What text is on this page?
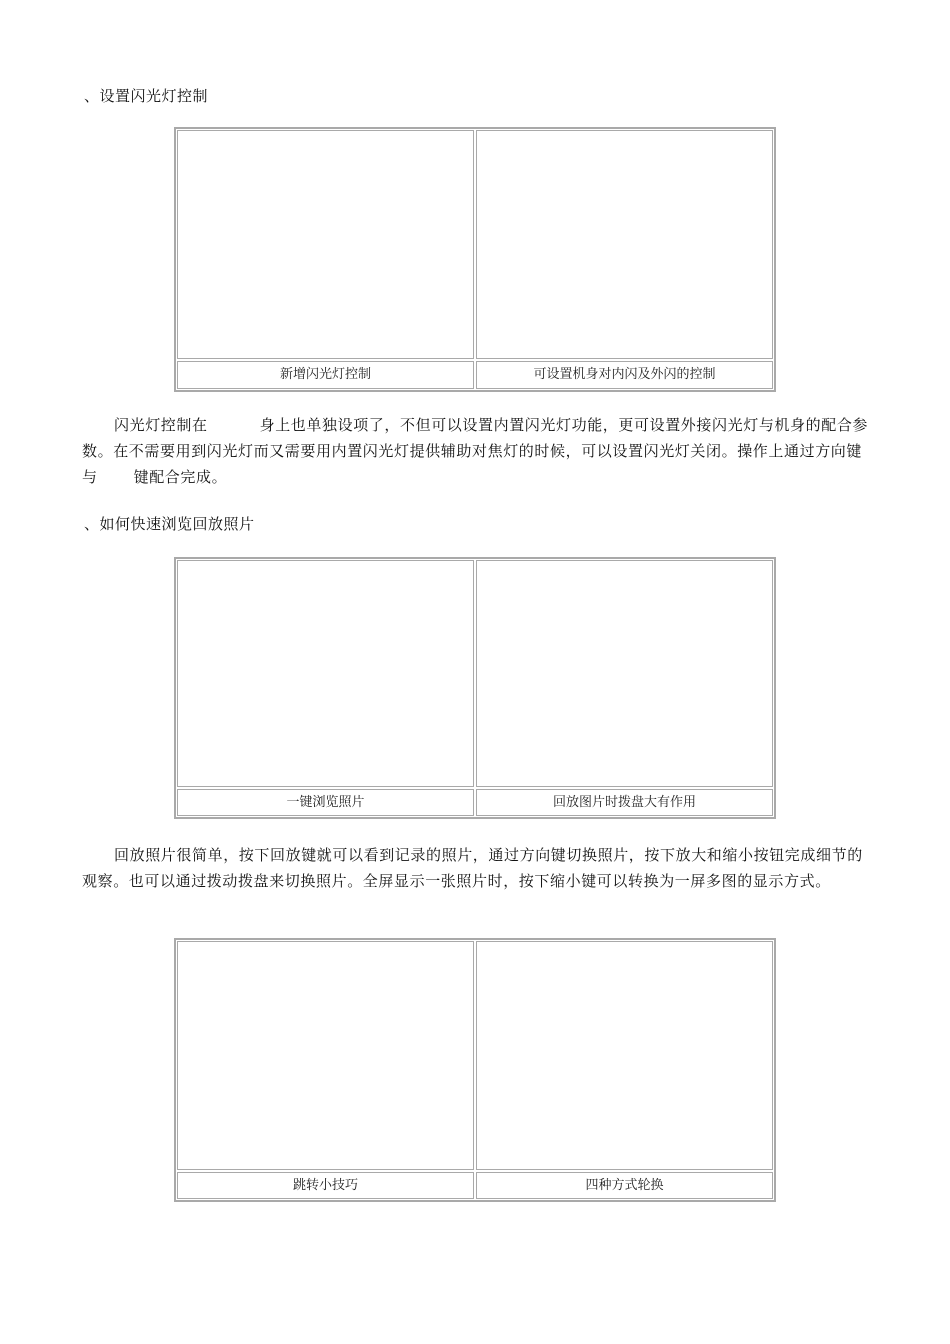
、设置闪光灯控制
新增闪光灯控制	可设置机身对内闪及外闪的控制

闪光灯控制在	身上也单独设项了，不但可以设置内置闪光灯功能，更可设置外接闪光灯与机身的配合参数。在不需要用到闪光灯而又需要用内置闪光灯提供辅助对焦灯的时候，可以设置闪光灯关闭。操作上通过方向键与 键配合完成。

、如何快速浏览回放照片
一键浏览照片	回放图片时拨盘大有作用

回放照片很简单，按下回放键就可以看到记录的照片，通过方向键切换照片，按下放大和缩小按钮完成细节的观察。也可以通过拨动拨盘来切换照片。全屏显示一张照片时，按下缩小键可以转换为一屏多图的显示方式。

跳转小技巧	四种方式轮换
